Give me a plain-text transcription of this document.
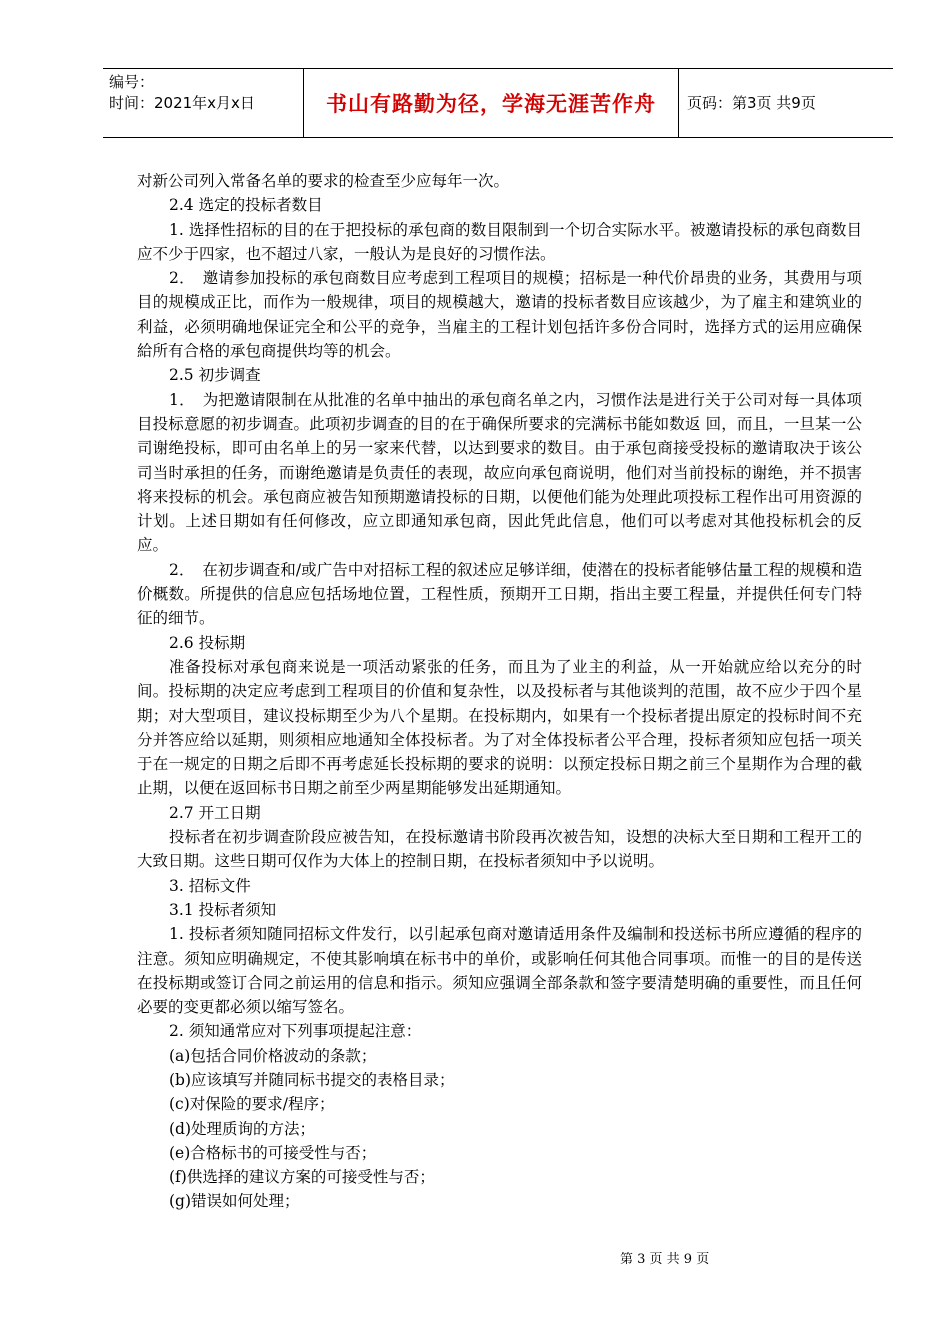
编号：
时间：2021年x月x日	书山有路勤为径，学海无涯苦作舟 页码：第3页 共9页

对新公司列入常备名单的要求的检查至少应每年一次。

2.4 选定的投标者数目

1. 选择性招标的目的在于把投标的承包商的数目限制到一个切合实际水平。被邀请投标的承包商数目应不少于四家，也不超过八家，一般认为是良好的习惯作法。

2．　邀请参加投标的承包商数目应考虑到工程项目的规模；招标是一种代价昂贵的业务，其费用与项目的规模成正比，而作为一般规律，项目的规模越大，邀请的投标者数目应该越少，为了雇主和建筑业的利益，必须明确地保证完全和公平的竞争，当雇主的工程计划包括许多份合同时，选择方式的运用应确保給所有合格的承包商提供均等的机会。

2.5 初步调查

1．　为把邀请限制在从批准的名单中抽出的承包商名单之内，习惯作法是进行关于公司对每一具体项目投标意愿的初步调查。此项初步调查的目的在于确保所要求的完满标书能如数返 回，而且，一旦某一公司谢绝投标，即可由名单上的另一家来代替，以达到要求的数目。由于承包商接受投标的邀请取决于该公司当时承担的任务，而谢绝邀请是负责任的表现，故应向承包商说明，他们对当前投标的谢绝，并不损害将来投标的机会。承包商应被告知预期邀请投标的日期，以便他们能为处理此项投标工程作出可用资源的计划。上述日期如有任何修改，应立即通知承包商，因此凭此信息，他们可以考虑对其他投标机会的反应。

2．　在初步调查和/或广告中对招标工程的叙述应足够详细，使潜在的投标者能够估量工程的规模和造价概数。所提供的信息应包括场地位置，工程性质，预期开工日期，指出主要工程量，并提供任何专门特征的细节。

2.6 投标期

准备投标对承包商来说是一项活动紧张的任务，而且为了业主的利益，从一开始就应给以充分的时间。投标期的决定应考虑到工程项目的价值和复杂性，以及投标者与其他谈判的范围，故不应少于四个星期；对大型项目，建议投标期至少为八个星期。在投标期内，如果有一个投标者提出原定的投标时间不充分并答应给以延期，则须相应地通知全体投标者。为了对全体投标者公平合理，投标者须知应包括一项关于在一规定的日期之后即不再考虑延长投标期的要求的说明：以预定投标日期之前三个星期作为合理的截止期，以便在返回标书日期之前至少两星期能够发出延期通知。

2.7 开工日期

投标者在初步调查阶段应被告知，在投标邀请书阶段再次被告知，设想的决标大至日期和工程开工的大致日期。这些日期可仅作为大体上的控制日期，在投标者须知中予以说明。

3. 招标文件

3.1 投标者须知

1. 投标者须知随同招标文件发行，以引起承包商对邀请适用条件及编制和投送标书所应遵循的程序的注意。须知应明确规定，不使其影响填在标书中的单价，或影响任何其他合同事项。而惟一的目的是传送在投标期或签订合同之前运用的信息和指示。须知应强调全部条款和签字要清楚明确的重要性，而且任何必要的变更都必须以缩写签名。

2. 须知通常应对下列事项提起注意：

(a)包括合同价格波动的条款；

(b)应该填写并随同标书提交的表格目录；

(c)对保险的要求/程序；

(d)处理质询的方法；

(e)合格标书的可接受性与否；

(f)供选择的建议方案的可接受性与否；

(g)错误如何处理；

第 3 页 共 9 页
